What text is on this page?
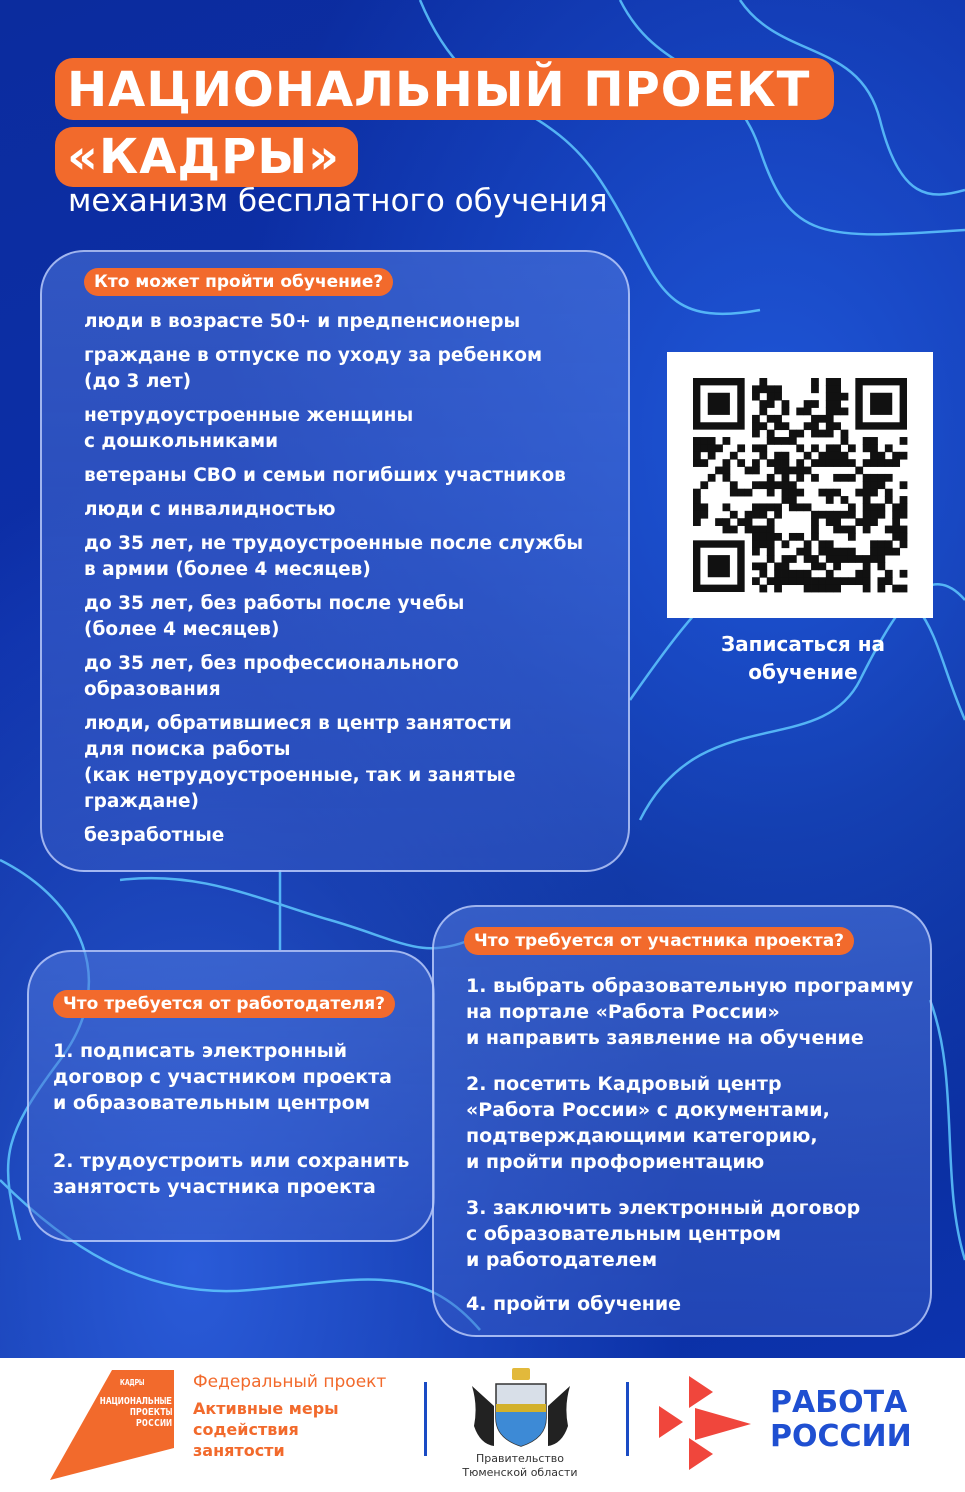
НАЦИОНАЛЬНЫЙ ПРОЕКТ
«КАДРЫ»
механизм бесплатного обучения
Кто может пройти обучение?
люди в возрасте 50+ и предпенсионеры
граждане в отпуске по уходу за ребенком
(до 3 лет)
нетрудоустроенные женщины
с дошкольниками
ветераны СВО и семьи погибших участников
люди с инвалидностью
до 35 лет, не трудоустроенные после службы
в армии (более 4 месяцев)
до 35 лет, без работы после учебы
(более 4 месяцев)
до 35 лет, без профессионального
образования
люди, обратившиеся в центр занятости
для поиска работы
(как нетрудоустроенные, так и занятые
граждане)
безработные
Записаться на
обучение
Что требуется от работодателя?
1. подписать электронный
договор с участником проекта
и образовательным центром
2. трудоустроить или сохранить
занятость участника проекта
Что требуется от участника проекта?
1. выбрать образовательную программу
на портале «Работа России»
и направить заявление на обучение
2. посетить Кадровый центр
«Работа России» с документами,
подтверждающими категорию,
и пройти профориентацию
3. заключить электронный договор
с образовательным центром
и работодателем
4. пройти обучение
КАДРЫ
НАЦИОНАЛЬНЫЕ
ПРОЕКТЫ
РОССИИ
Федеральный проект
Активные меры
содействия
занятости	Правительство
Тюменской области
РАБОТА
РОССИИ
